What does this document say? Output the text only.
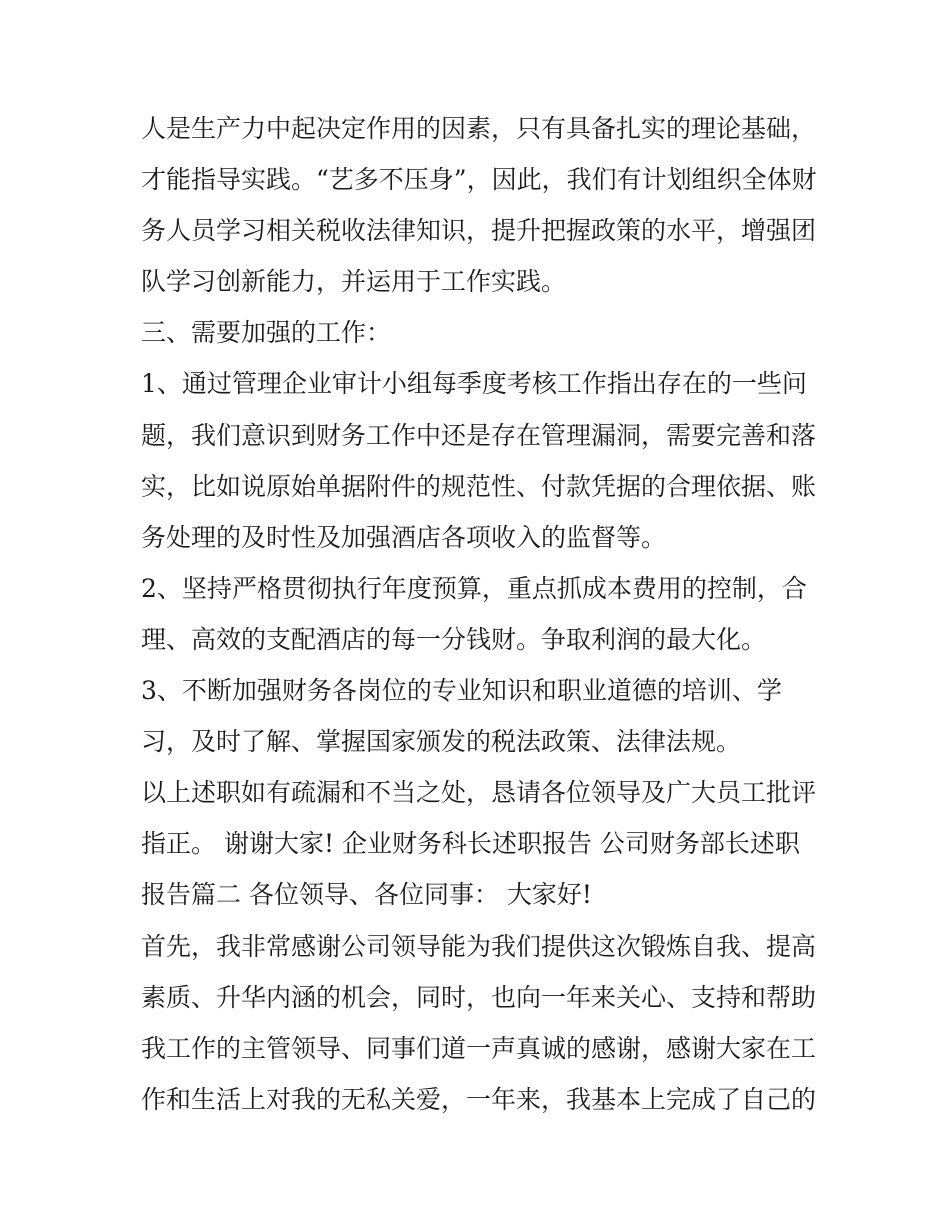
人是生产力中起决定作用的因素，只有具备扎实的理论基础，
才能指导实践。“艺多不压身”，因此，我们有计划组织全体财
务人员学习相关税收法律知识，提升把握政策的水平，增强团
队学习创新能力，并运用于工作实践。
三、需要加强的工作：
1、通过管理企业审计小组每季度考核工作指出存在的一些问
题，我们意识到财务工作中还是存在管理漏洞，需要完善和落
实，比如说原始单据附件的规范性、付款凭据的合理依据、账
务处理的及时性及加强酒店各项收入的监督等。
2、坚持严格贯彻执行年度预算，重点抓成本费用的控制，合
理、高效的支配酒店的每一分钱财。争取利润的最大化。
3、不断加强财务各岗位的专业知识和职业道德的培训、学
习，及时了解、掌握国家颁发的税法政策、法律法规。
以上述职如有疏漏和不当之处，恳请各位领导及广大员工批评
指正。 谢谢大家! 企业财务科长述职报告 公司财务部长述职
报告篇二 各位领导、各位同事： 大家好!
首先，我非常感谢公司领导能为我们提供这次锻炼自我、提高
素质、升华内涵的机会，同时，也向一年来关心、支持和帮助
我工作的主管领导、同事们道一声真诚的感谢，感谢大家在工
作和生活上对我的无私关爱，一年来，我基本上完成了自己的
